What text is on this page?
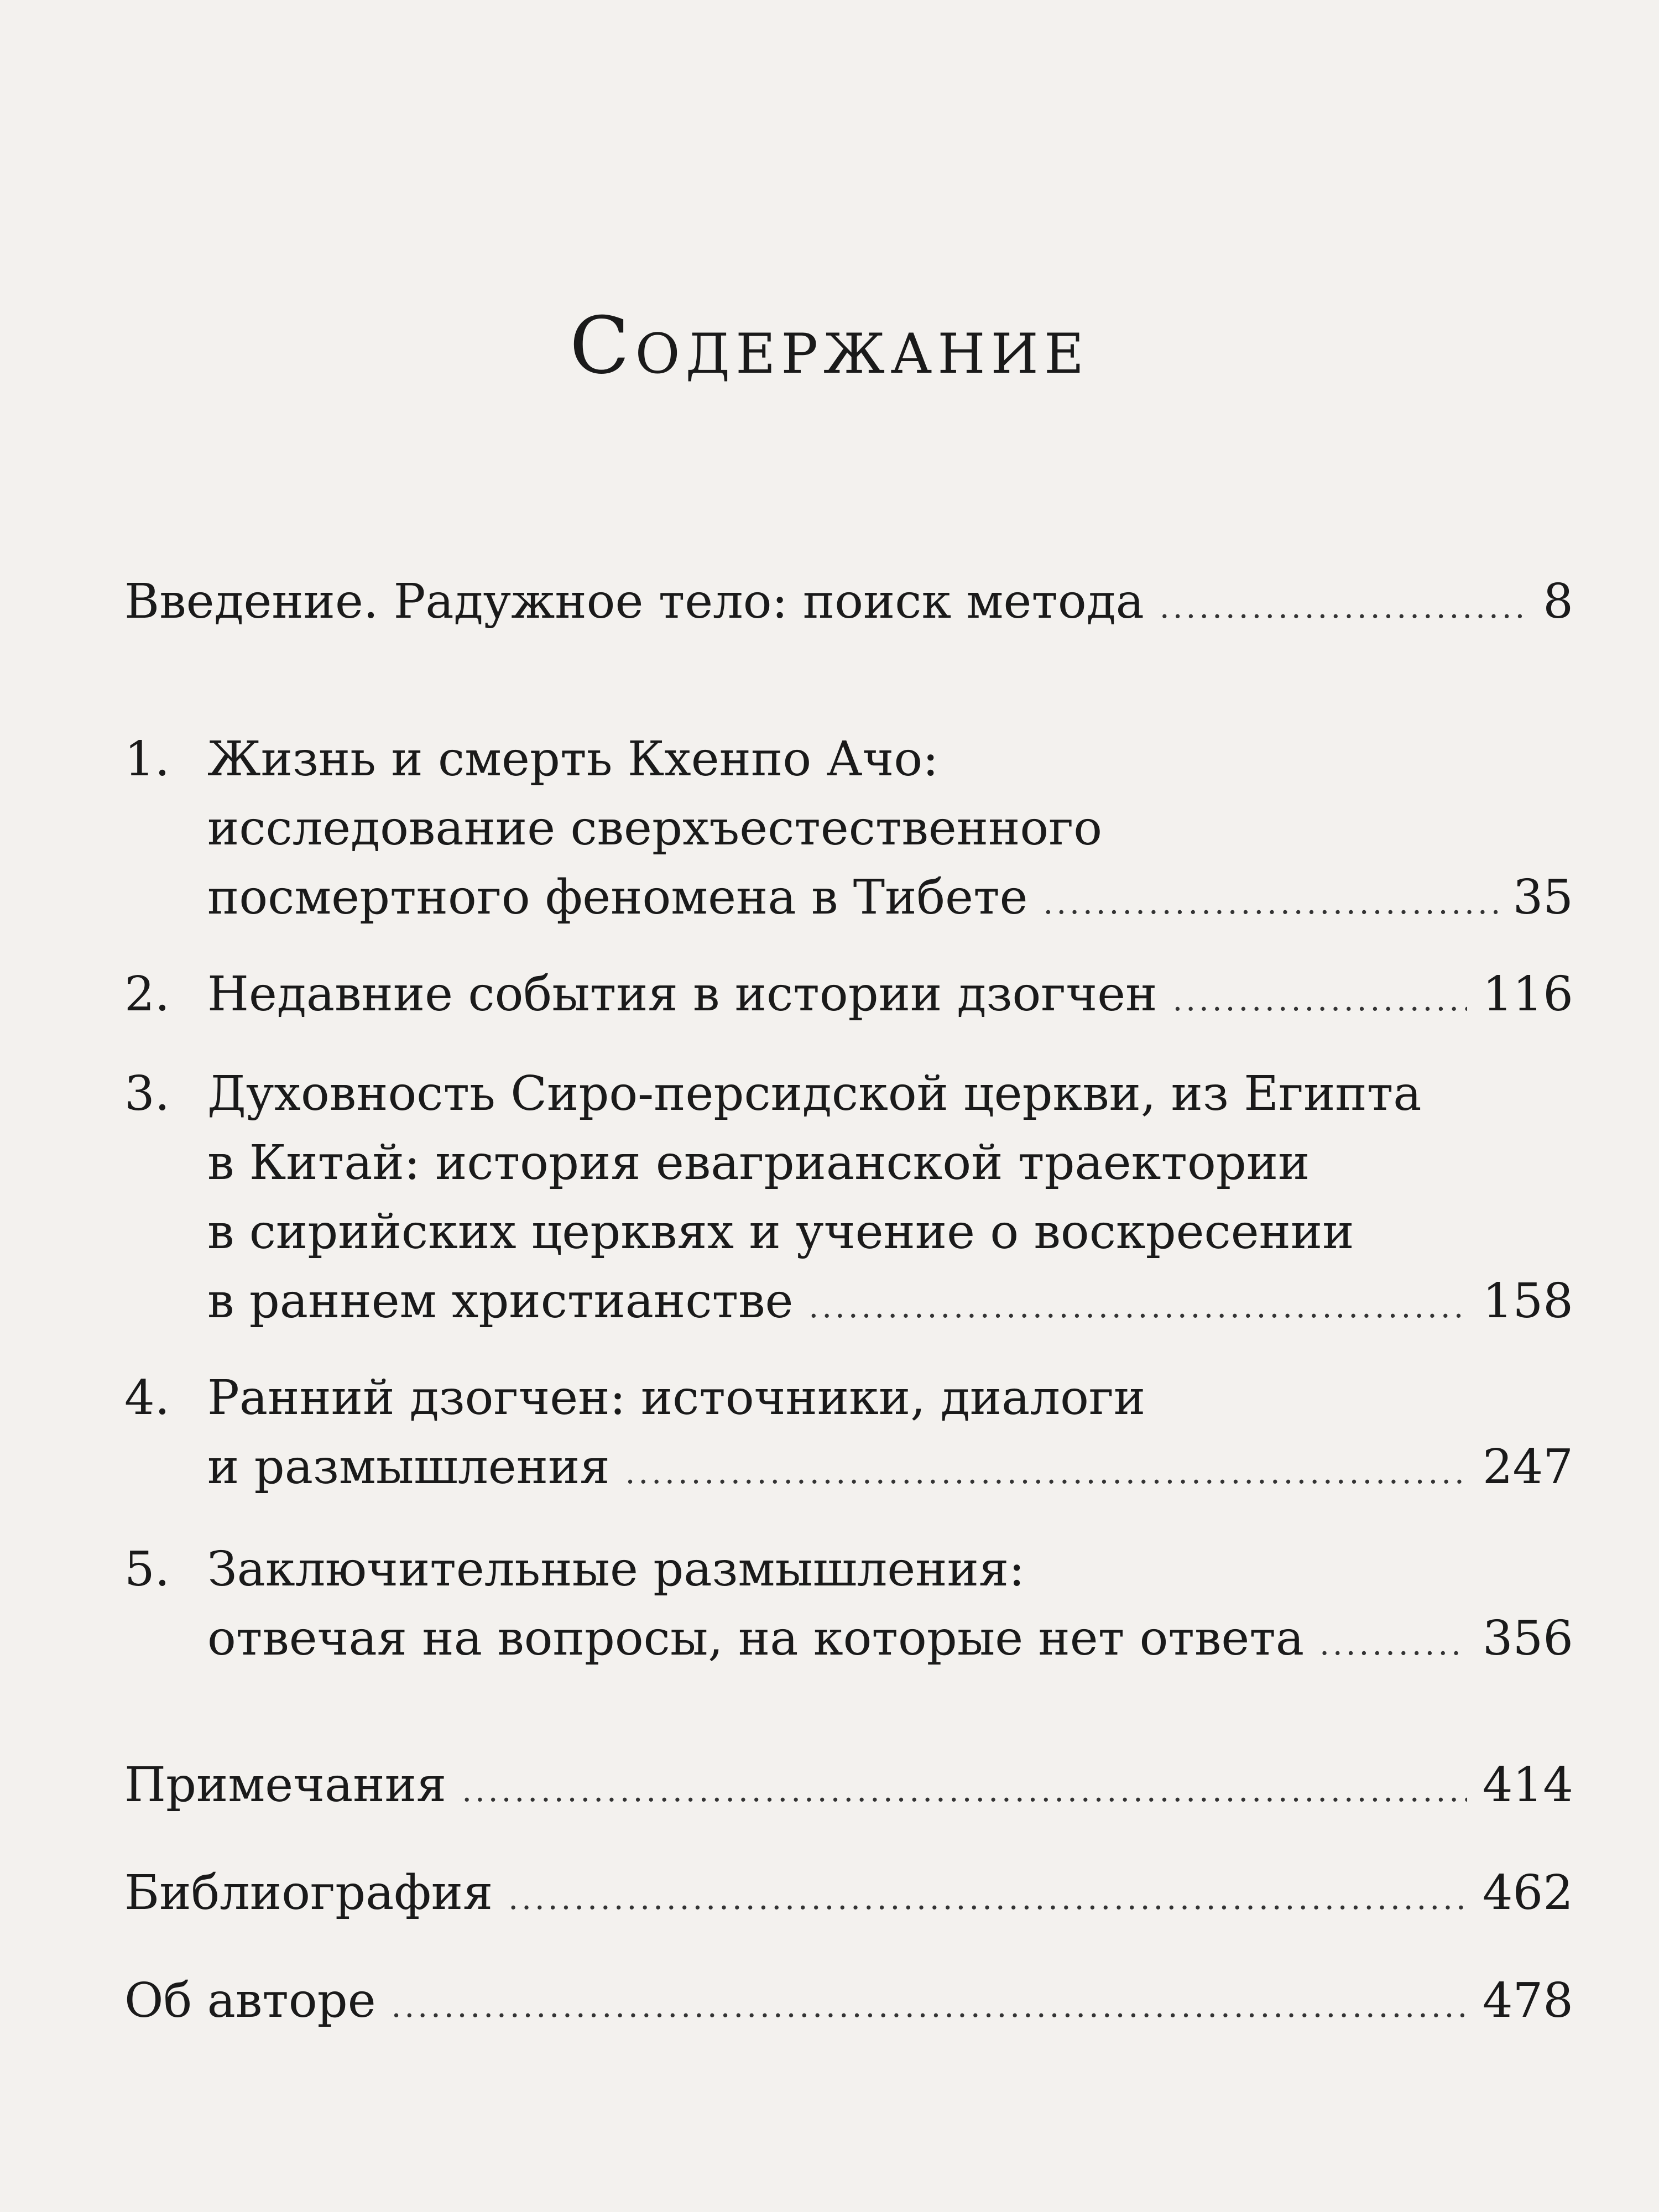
Содержание
Введение. Радужное тело: поиск метода .....	8
1. Жизнь и смерть Кхенпо Ачо:
исследование сверхъестественного
посмертного феномена в Тибете .....	35
2. Недавние события в истории дзогчен .....	116
3. Духовность Сиро-персидской церкви, из Египта
в Китай: история евагрианской траектории
в сирийских церквях и учение о воскресении
в раннем христианстве .....	158
4. Ранний дзогчен: источники, диалоги
и размышления .....	247
5. Заключительные размышления:
отвечая на вопросы, на которые нет ответа .....	356
Примечания .....	414
Библиография .....	462
Об авторе .....	478
